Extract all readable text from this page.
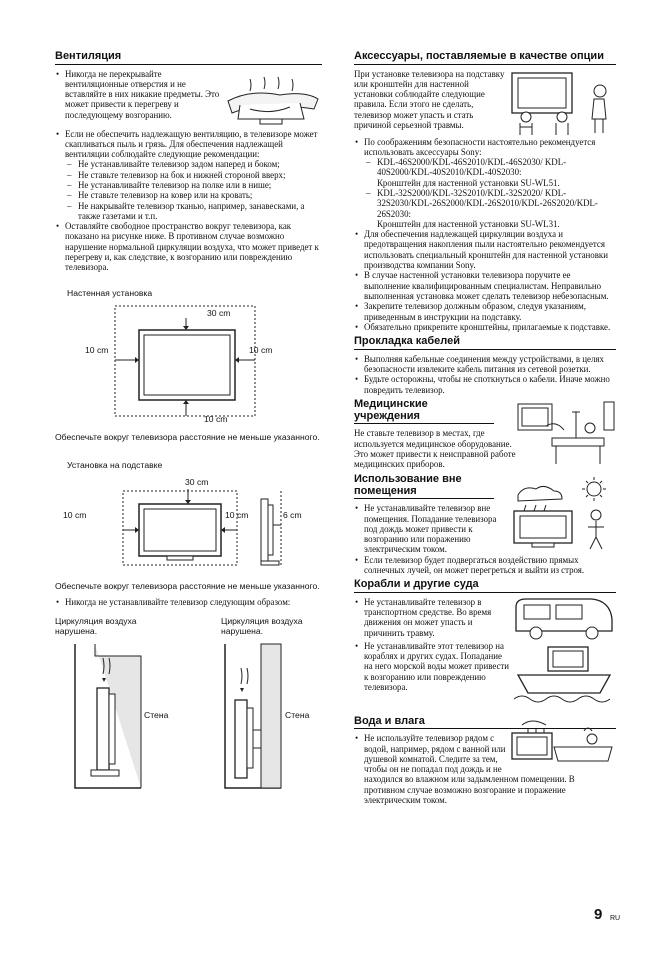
Вентиляция
• Никогда не перекрывайте вентиляционные отверстия и не вставляйте в них никакие предметы. Это может привести к перегреву и последующему возгоранию.
• Если не обеспечить надлежащую вентиляцию, в телевизоре может скапливаться пыль и грязь. Для обеспечения надлежащей вентиляции соблюдайте следующие рекомендации:
– Не устанавливайте телевизор задом наперед и боком;
– Не ставьте телевизор на бок и нижней стороной вверх;
– Не устанавливайте телевизор на полке или в нише;
– Не ставьте телевизор на ковер или на кровать;
– Не накрывайте телевизор тканью, например, занавесками, а также газетами и т.п.
• Оставляйте свободное пространство вокруг телевизора, как показано на рисунке ниже. В противном случае возможно нарушение нормальной циркуляции воздуха, что может приведет к перегреву и, как следствие, к возгоранию или повреждению телевизора.
Настенная установка
30 cm
10 cm	10 cm
10 cm
Обеспечьте вокруг телевизора расстояние не меньше указанного.
Установка на подставке
30 cm
10 cm	10 cm	6 cm
Обеспечьте вокруг телевизора расстояние не меньше указанного.
• Никогда не устанавливайте телевизор следующим образом:
Циркуляция воздуха нарушена.
Циркуляция воздуха нарушена.
Стена	Стена
Аксессуары, поставляемые в качестве опции
При установке телевизора на подставку или кронштейн для настенной установки соблюдайте следующие правила. Если этого не сделать, телевизор может упасть и стать причиной серьезной травмы.
• По соображениям безопасности настоятельно рекомендуется использовать аксессуары Sony:
– KDL-46S2000/KDL-46S2010/KDL-46S2030/ KDL-40S2000/KDL-40S2010/KDL-40S2030:
Кронштейн для настенной установки SU-WL51.
– KDL-32S2000/KDL-32S2010/KDL-32S2020/ KDL-32S2030/KDL-26S2000/KDL-26S2010/KDL-26S2020/KDL-26S2030:
Кронштейн для настенной установки SU-WL31.
• Для обеспечения надлежащей циркуляции воздуха и предотвращения накопления пыли настоятельно рекомендуется использовать специальный кронштейн для настенной установки производства компании Sony.
• В случае настенной установки телевизора поручите ее выполнение квалифицированным специалистам. Неправильно выполненная установка может сделать телевизор небезопасным.
• Закрепите телевизор должным образом, следуя указаниям, приведенным в инструкции на подставку.
• Обязательно прикрепите кронштейны, прилагаемые к подставке.
Прокладка кабелей
• Выполняя кабельные соединения между устройствами, в целях безопасности извлеките кабель питания из сетевой розетки.
• Будьте осторожны, чтобы не споткнуться о кабели. Иначе можно повредить телевизор.
Медицинские
учреждения
Не ставьте телевизор в местах, где используется медицинское оборудование. Это может привести к неисправной работе медицинских приборов.
Использование вне
помещения
• Не устанавливайте телевизор вне помещения. Попадание телевизора под дождь может привести к возгоранию или поражению электрическим током.
• Если телевизор будет подвергаться воздействию прямых солнечных лучей, он может перегреться и выйти из строя.
Корабли и другие суда
• Не устанавливайте телевизор в транспортном средстве. Во время движения он может упасть и причинить травму.
• Не устанавливайте этот телевизор на кораблях и других судах. Попадание на него морской воды может привести к возгоранию или повреждению телевизора.
Вода и влага
• Не используйте телевизор рядом с водой, например, рядом с ванной или душевой комнатой. Следите за тем, чтобы он не попадал под дождь и не находился во влажном или задымленном помещении. В противном случае возможно возгорание и поражение электрическим током.
9 RU
